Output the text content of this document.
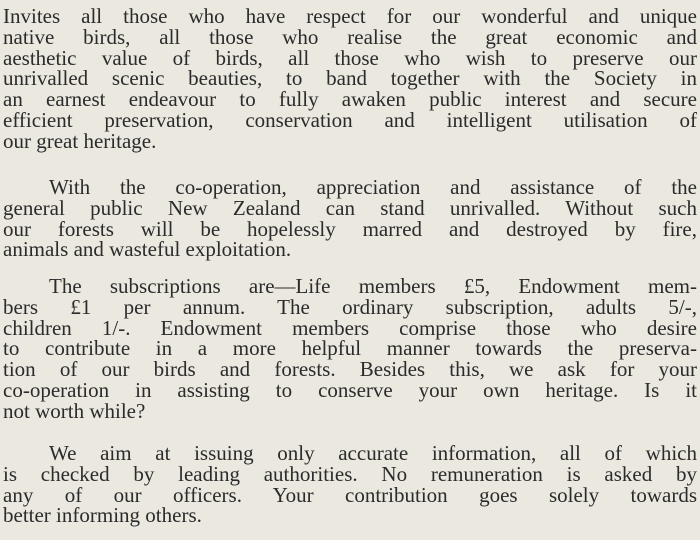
Invites all those who have respect for our wonderful and unique
native birds, all those who realise the great economic and
aesthetic value of birds, all those who wish to preserve our
unrivalled scenic beauties, to band together with the Society in
an earnest endeavour to fully awaken public interest and secure
efficient preservation, conservation and intelligent utilisation of
our great heritage.

With the co-operation, appreciation and assistance of the
general public New Zealand can stand unrivalled. Without such
our forests will be hopelessly marred and destroyed by fire,
animals and wasteful exploitation.

The subscriptions are—Life members £5, Endowment mem-
bers £1 per annum. The ordinary subscription, adults 5/-,
children 1/-. Endowment members comprise those who desire
to contribute in a more helpful manner towards the preserva-
tion of our birds and forests. Besides this, we ask for your
co-operation in assisting to conserve your own heritage. Is it
not worth while?

We aim at issuing only accurate information, all of which
is checked by leading authorities. No remuneration is asked by
any of our officers. Your contribution goes solely towards
better informing others.
